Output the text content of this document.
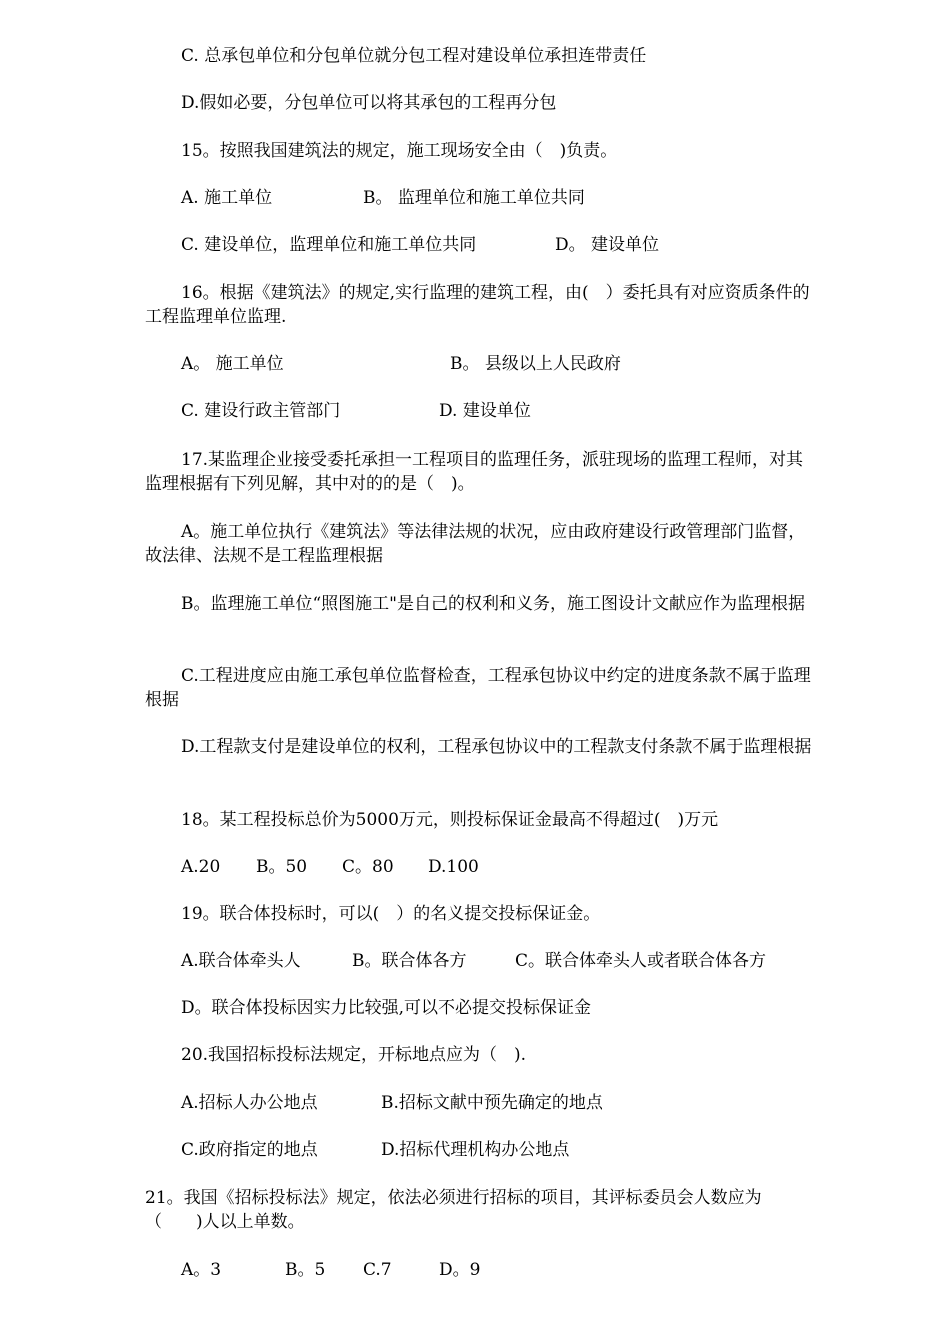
C. 总承包单位和分包单位就分包工程对建设单位承担连带责任
D.假如必要，分包单位可以将其承包的工程再分包
15。按照我国建筑法的规定，施工现场安全由（　)负责。
A. 施工单位	B。 监理单位和施工单位共同
C. 建设单位，监理单位和施工单位共同	D。 建设单位
16。根据《建筑法》的规定,实行监理的建筑工程，由(　）委托具有对应资质条件的工程监理单位监理.
A。 施工单位	B。 县级以上人民政府
C. 建设行政主管部门	D. 建设单位
17.某监理企业接受委托承担一工程项目的监理任务，派驻现场的监理工程师，对其监理根据有下列见解，其中对的的是（　)。
A。施工单位执行《建筑法》等法律法规的状况，应由政府建设行政管理部门监督，故法律、法规不是工程监理根据
B。监理施工单位“照图施工"是自己的权利和义务，施工图设计文献应作为监理根据
C.工程进度应由施工承包单位监督检查，工程承包协议中约定的进度条款不属于监理根据
D.工程款支付是建设单位的权利，工程承包协议中的工程款支付条款不属于监理根据
18。某工程投标总价为5000万元，则投标保证金最高不得超过(　)万元
A.20 B。50 C。80 D.100
19。联合体投标时，可以(　）的名义提交投标保证金。
A.联合体牵头人	B。联合体各方	C。联合体牵头人或者联合体各方
D。联合体投标因实力比较强,可以不必提交投标保证金
20.我国招标投标法规定，开标地点应为（　).
A.招标人办公地点	B.招标文献中预先确定的地点
C.政府指定的地点	D.招标代理机构办公地点
21。我国《招标投标法》规定，依法必须进行招标的项目，其评标委员会人数应为（　　)人以上单数。
A。3	B。5 C.7	D。9
